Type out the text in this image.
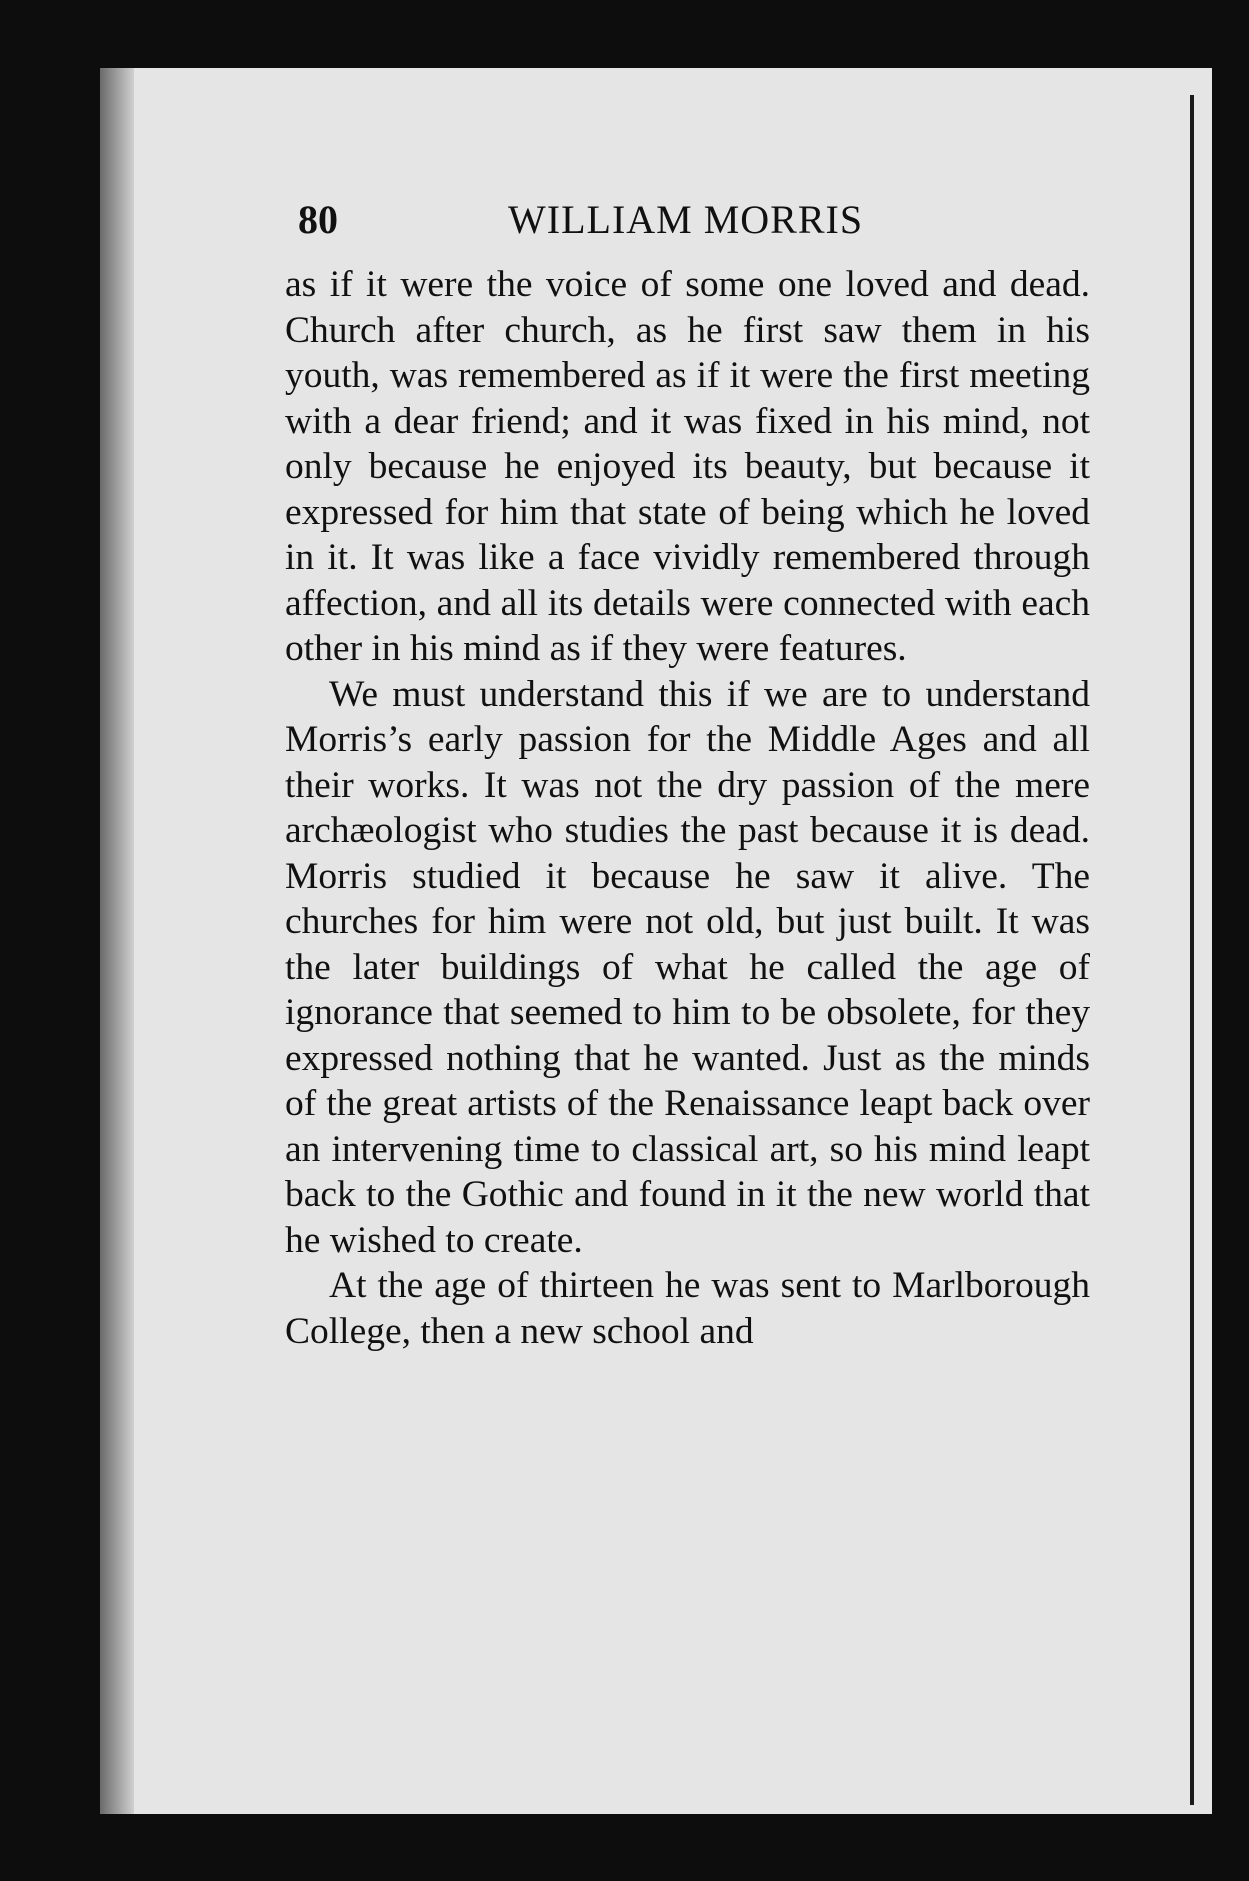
80	WILLIAM MORRIS

as if it were the voice of some one loved and dead. Church after church, as he first saw them in his youth, was remembered as if it were the first meeting with a dear friend; and it was fixed in his mind, not only because he enjoyed its beauty, but because it expressed for him that state of being which he loved in it. It was like a face vividly remembered through affection, and all its details were connected with each other in his mind as if they were features.

We must understand this if we are to understand Morris’s early passion for the Middle Ages and all their works. It was not the dry passion of the mere archæologist who studies the past because it is dead. Morris studied it because he saw it alive. The churches for him were not old, but just built. It was the later buildings of what he called the age of ignorance that seemed to him to be obsolete, for they expressed nothing that he wanted. Just as the minds of the great artists of the Renaissance leapt back over an intervening time to classical art, so his mind leapt back to the Gothic and found in it the new world that he wished to create.

At the age of thirteen he was sent to Marlborough College, then a new school and
